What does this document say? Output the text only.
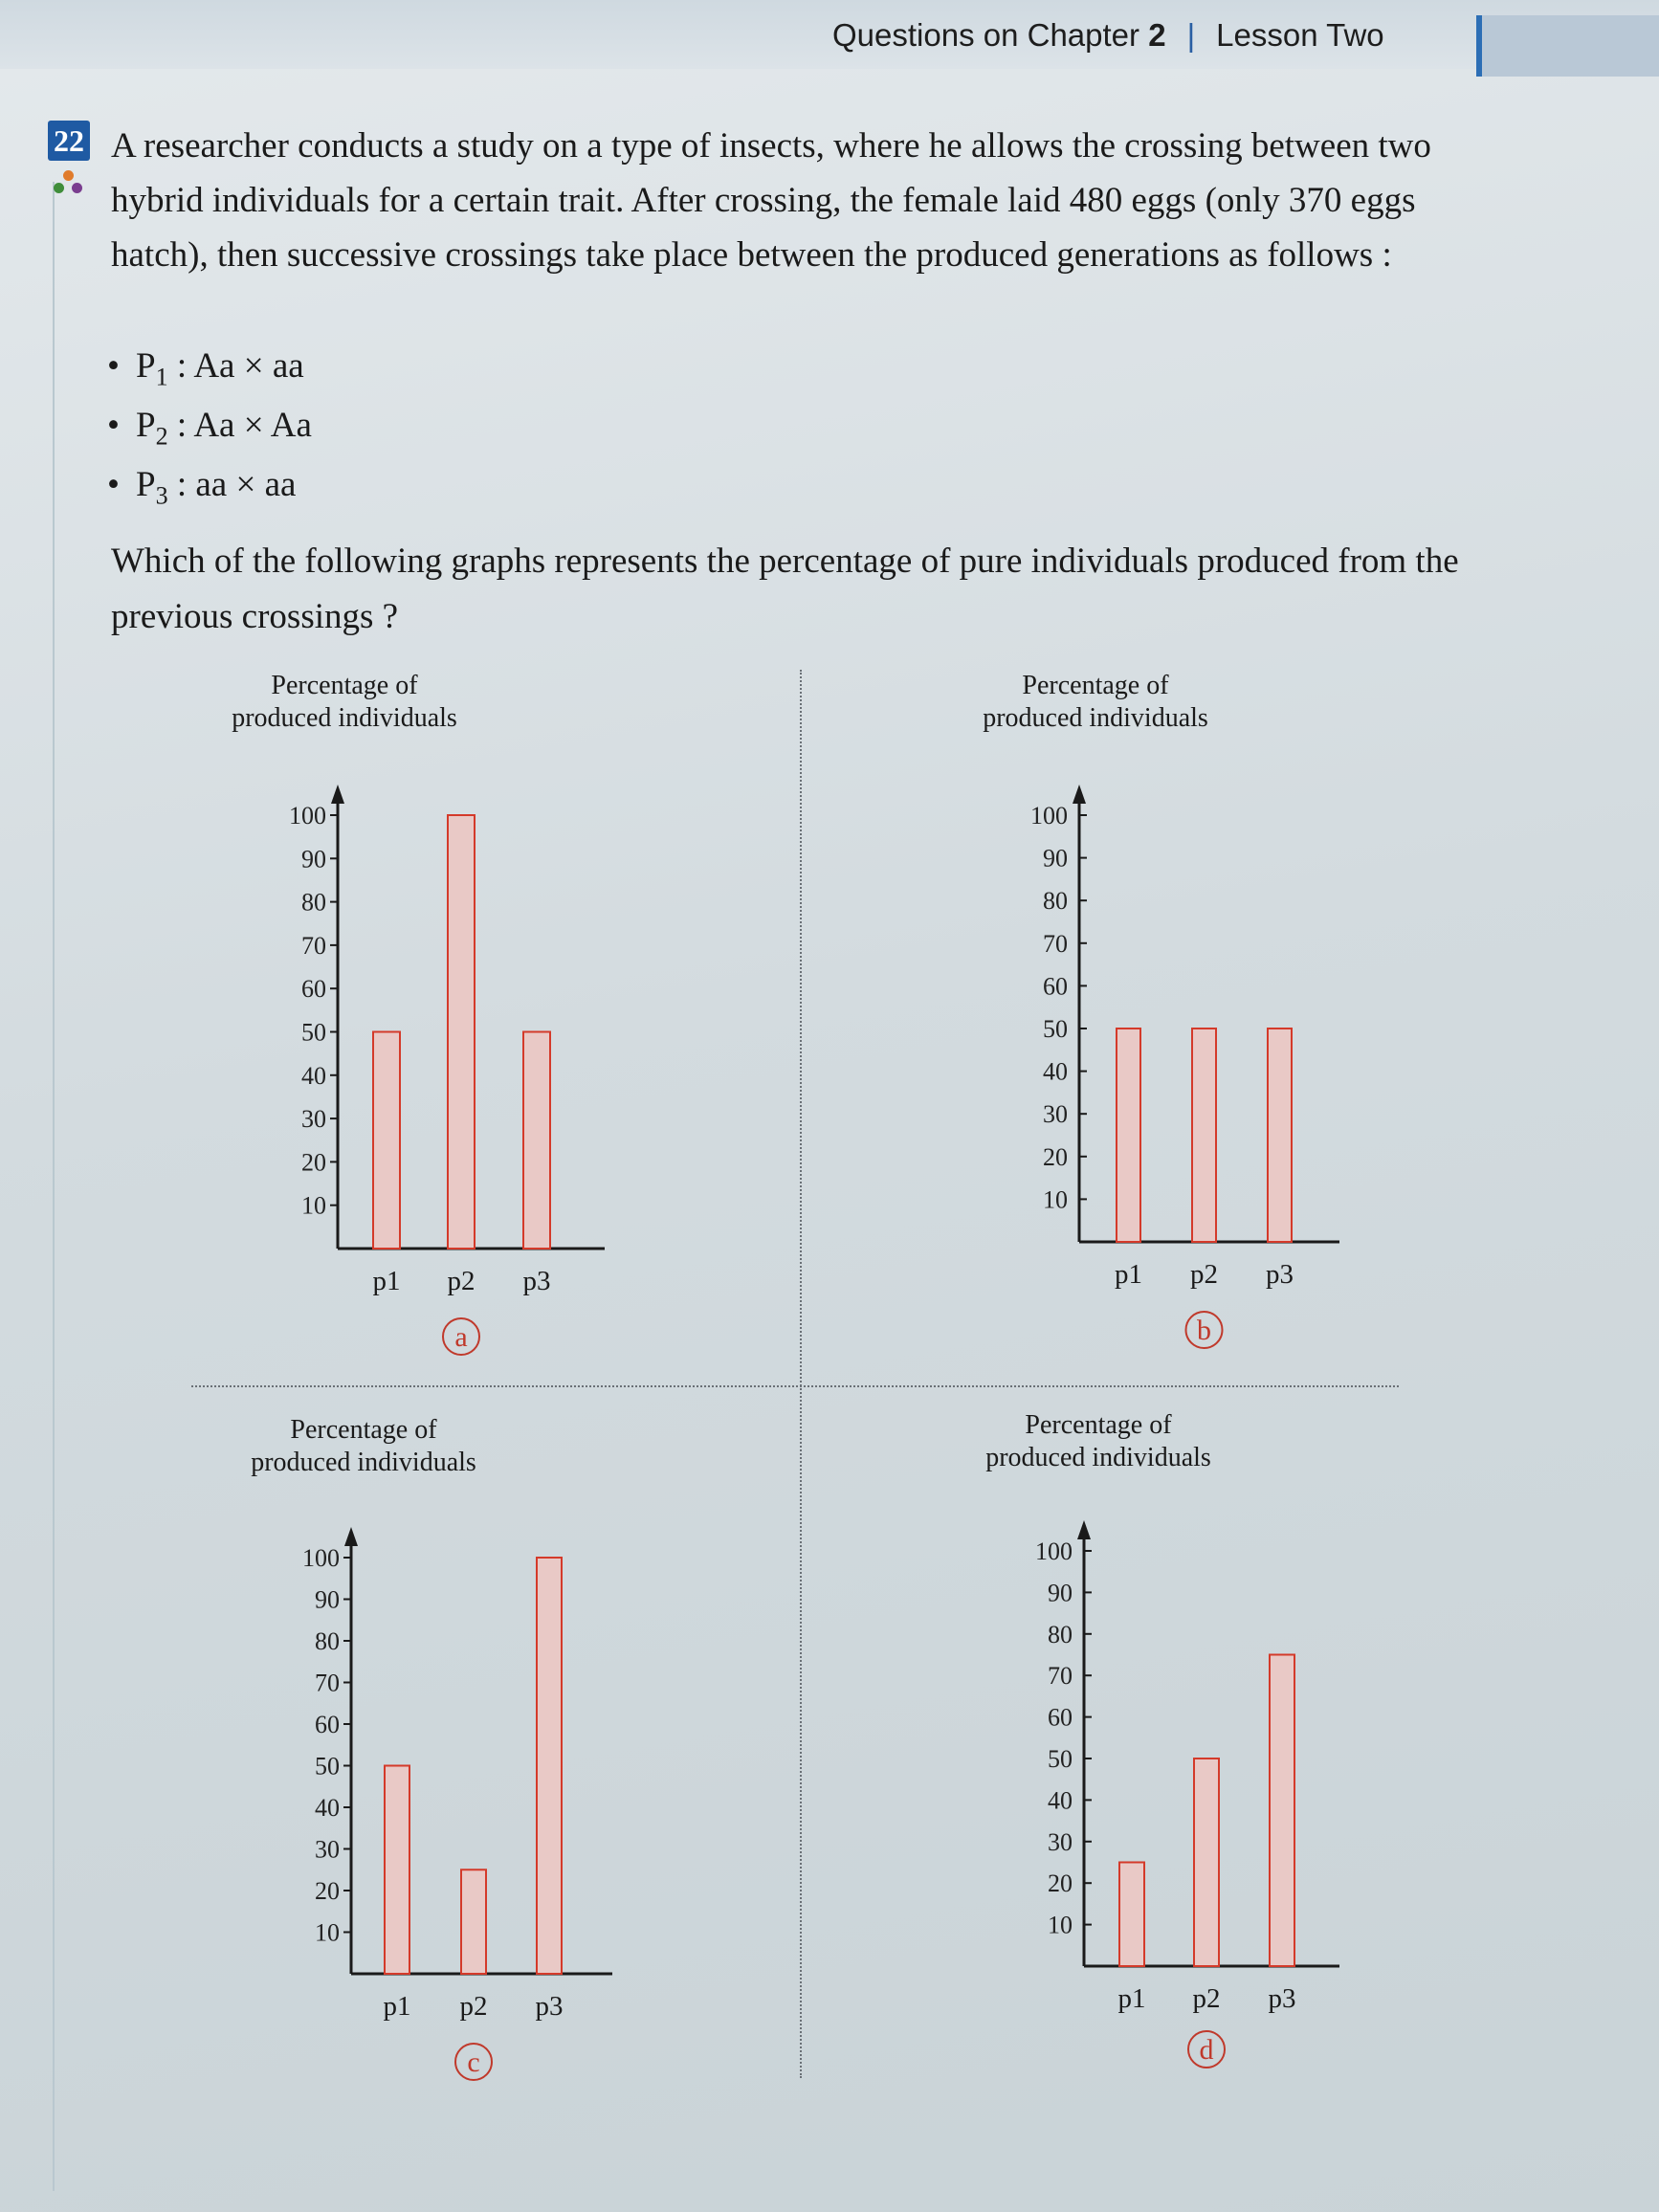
Questions on Chapter 2 | Lesson Two
22 A researcher conducts a study on a type of insects, where he allows the crossing between two hybrid individuals for a certain trait. After crossing, the female laid 480 eggs (only 370 eggs hatch), then successive crossings take place between the produced generations as follows :

• $P_1$ : Aa × aa
• $P_2$ : Aa × Aa
• $P_3$ : aa × aa

Which of the following graphs represents the percentage of pure individuals produced from the previous crossings ?

Percentage of
produced individuals
10
20
30
40
50
60
70
80
90
100
p1 p2 p3
a
Percentage of
produced individuals
10
20
30
40
50
60
70
80
90
100
p1 p2 p3
b
Percentage of
produced individuals
10
20
30
40
50
60
70
80
90
100
p1 p2 p3
c
Percentage of
produced individuals
10
20
30
40
50
60
70
80
90
100
p1 p2 p3
d
